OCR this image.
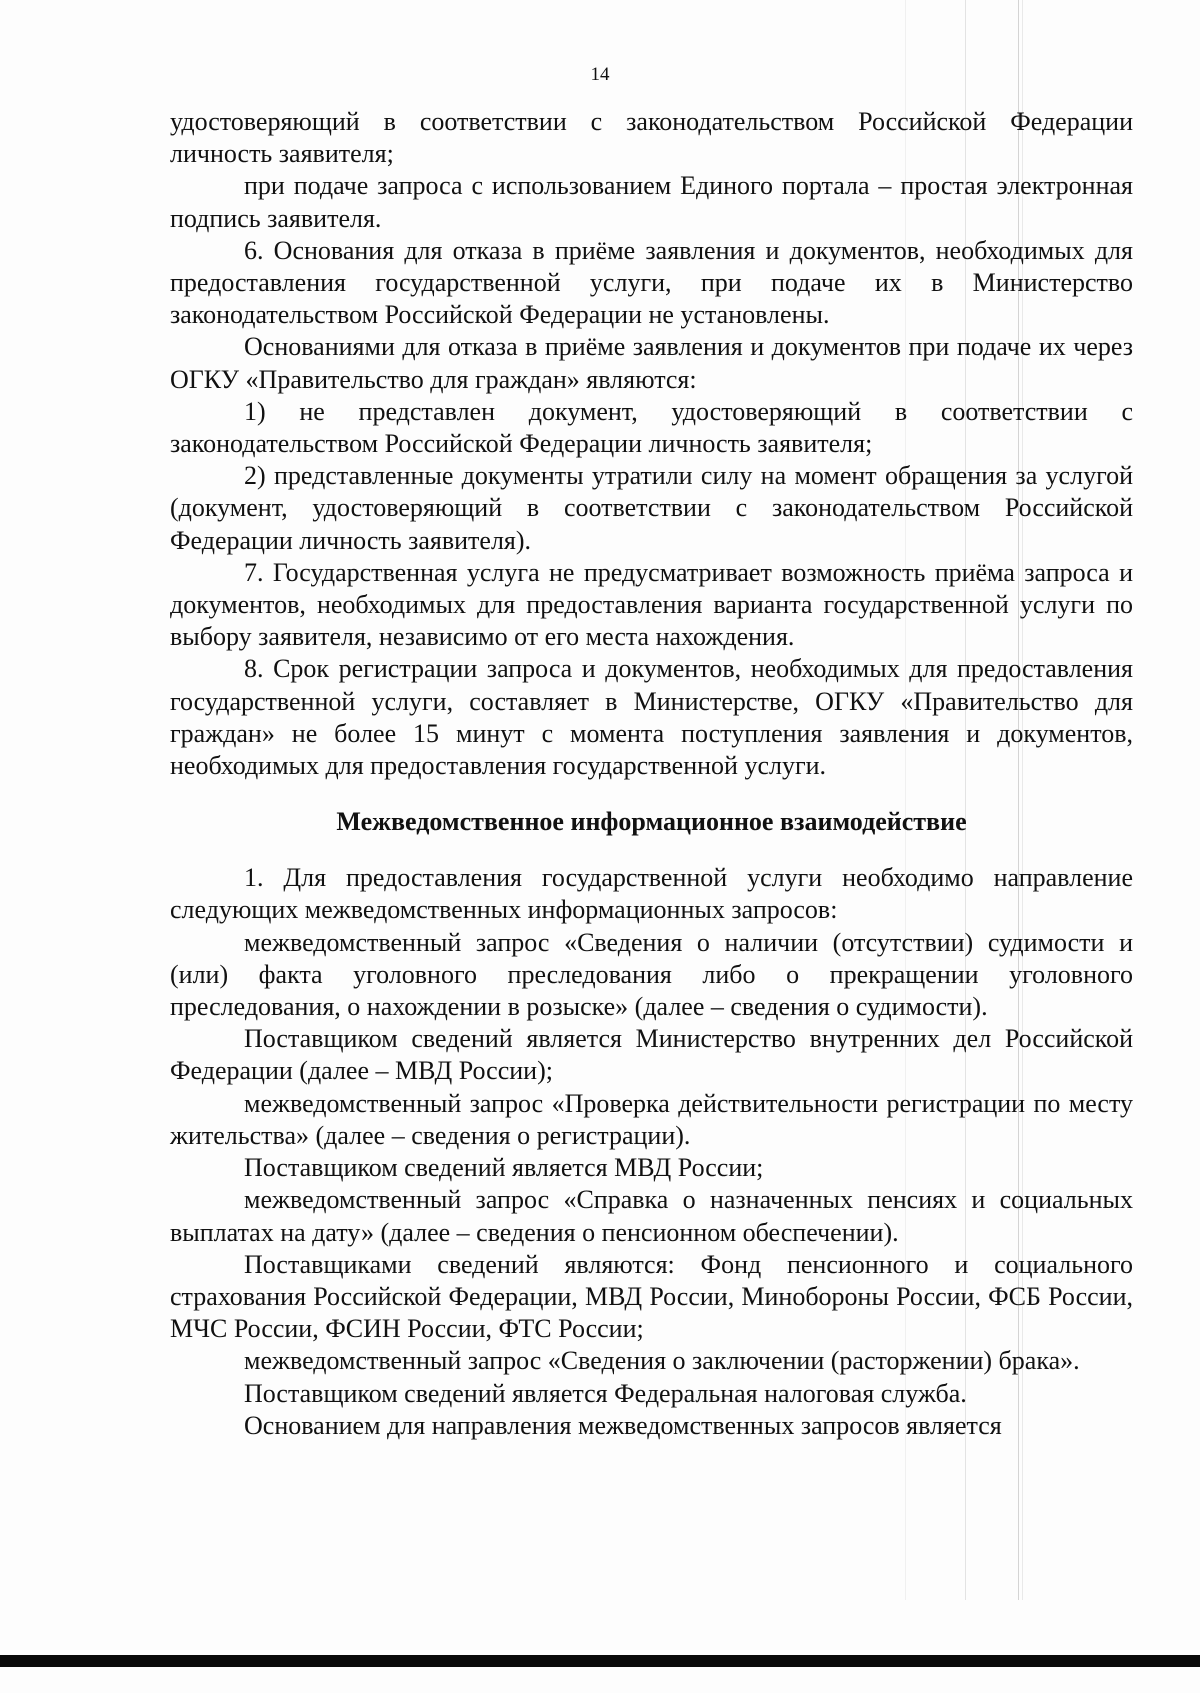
14

удостоверяющий в соответствии с законодательством Российской Федерации личность заявителя;

при подаче запроса с использованием Единого портала – простая электронная подпись заявителя.

6. Основания для отказа в приёме заявления и документов, необходимых для предоставления государственной услуги, при подаче их в Министерство законодательством Российской Федерации не установлены.

Основаниями для отказа в приёме заявления и документов при подаче их через ОГКУ «Правительство для граждан» являются:

1) не представлен документ, удостоверяющий в соответствии с законодательством Российской Федерации личность заявителя;

2) представленные документы утратили силу на момент обращения за услугой (документ, удостоверяющий в соответствии с законодательством Российской Федерации личность заявителя).

7. Государственная услуга не предусматривает возможность приёма запроса и документов, необходимых для предоставления варианта государственной услуги по выбору заявителя, независимо от его места нахождения.

8. Срок регистрации запроса и документов, необходимых для предоставления государственной услуги, составляет в Министерстве, ОГКУ «Правительство для граждан» не более 15 минут с момента поступления заявления и документов, необходимых для предоставления государственной услуги.

Межведомственное информационное взаимодействие

1. Для предоставления государственной услуги необходимо направление следующих межведомственных информационных запросов:

межведомственный запрос «Сведения о наличии (отсутствии) судимости и (или) факта уголовного преследования либо о прекращении уголовного преследования, о нахождении в розыске» (далее – сведения о судимости).

Поставщиком сведений является Министерство внутренних дел Российской Федерации (далее – МВД России);

межведомственный запрос «Проверка действительности регистрации по месту жительства» (далее – сведения о регистрации).

Поставщиком сведений является МВД России;

межведомственный запрос «Справка о назначенных пенсиях и социальных выплатах на дату» (далее – сведения о пенсионном обеспечении).

Поставщиками сведений являются: Фонд пенсионного и социального страхования Российской Федерации, МВД России, Минобороны России, ФСБ России, МЧС России, ФСИН России, ФТС России;

межведомственный запрос «Сведения о заключении (расторжении) брака».

Поставщиком сведений является Федеральная налоговая служба.

Основанием для направления межведомственных запросов является
